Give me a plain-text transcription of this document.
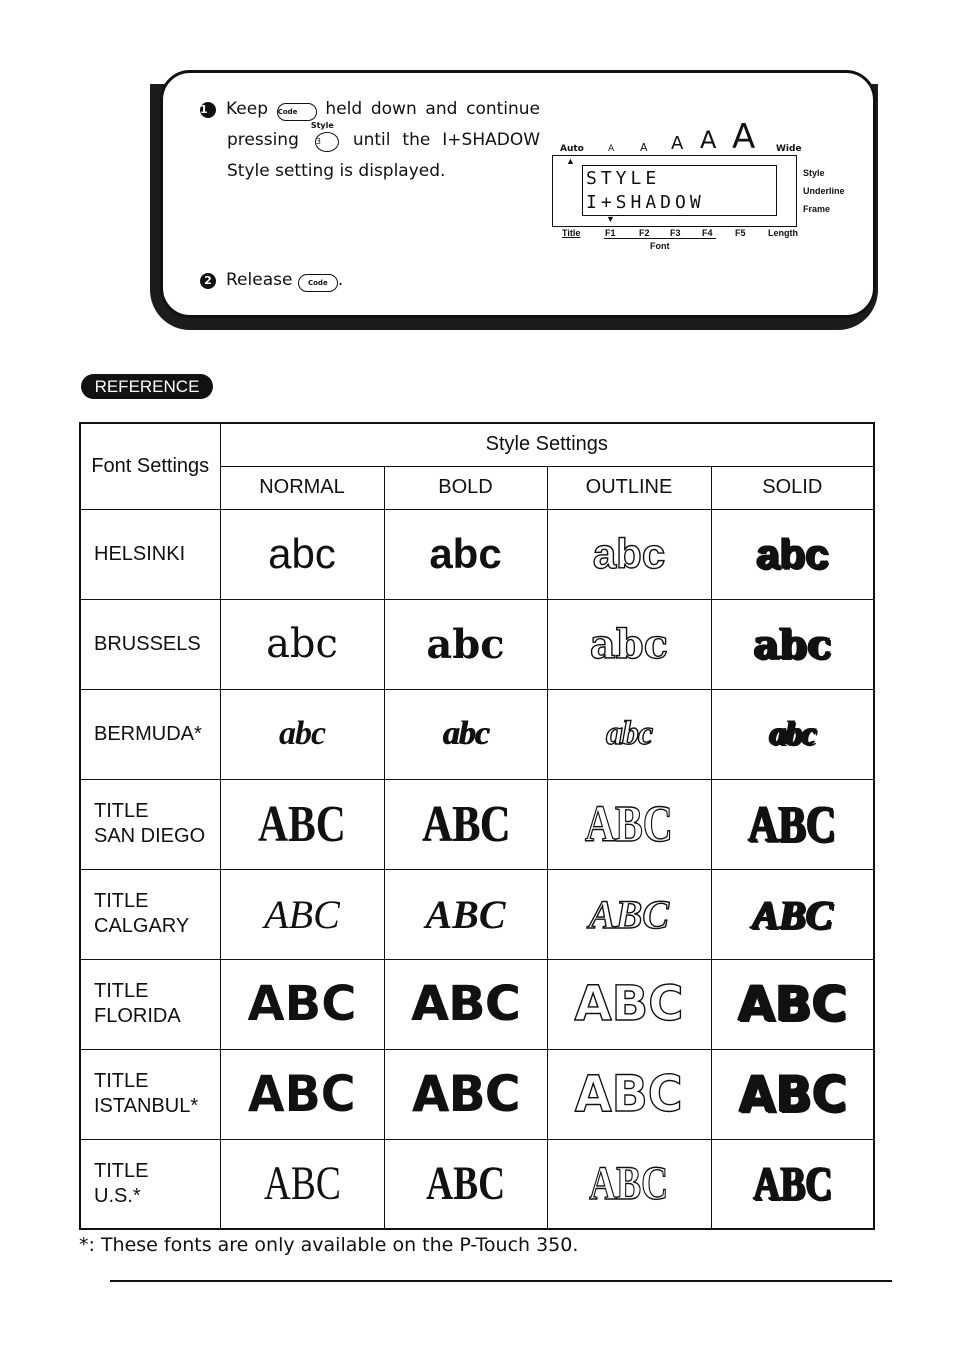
1 Keep Code held down and continue
pressing
Style
3	until the I+SHADOW
Style setting is displayed.
2 Release Code .
Auto	A A A A A Wide
▲
STYLE
I+SHADOW
▼
Style
Underline
Frame
Title	F1	F2 F3 F4 F5 Length
Font
REFERENCE
Font Settings	Style Settings			
	NORMAL	BOLD	OUTLINE	SOLID
HELSINKI	abc	abc	abc	abc
BRUSSELS	abc	abc	abc	abc
BERMUDA*	abc	abc	abc	abc
TITLE
SAN DIEGO	ABC	ABC	ABC	ABC
TITLE
CALGARY	ABC	ABC	ABC	ABC
TITLE
FLORIDA	ABC	ABC	ABC	ABC
TITLE
ISTANBUL*	ABC	ABC	ABC	ABC
TITLE
U.S.*	ABC	ABC	ABC	ABC
*: These fonts are only available on the P-Touch 350.
